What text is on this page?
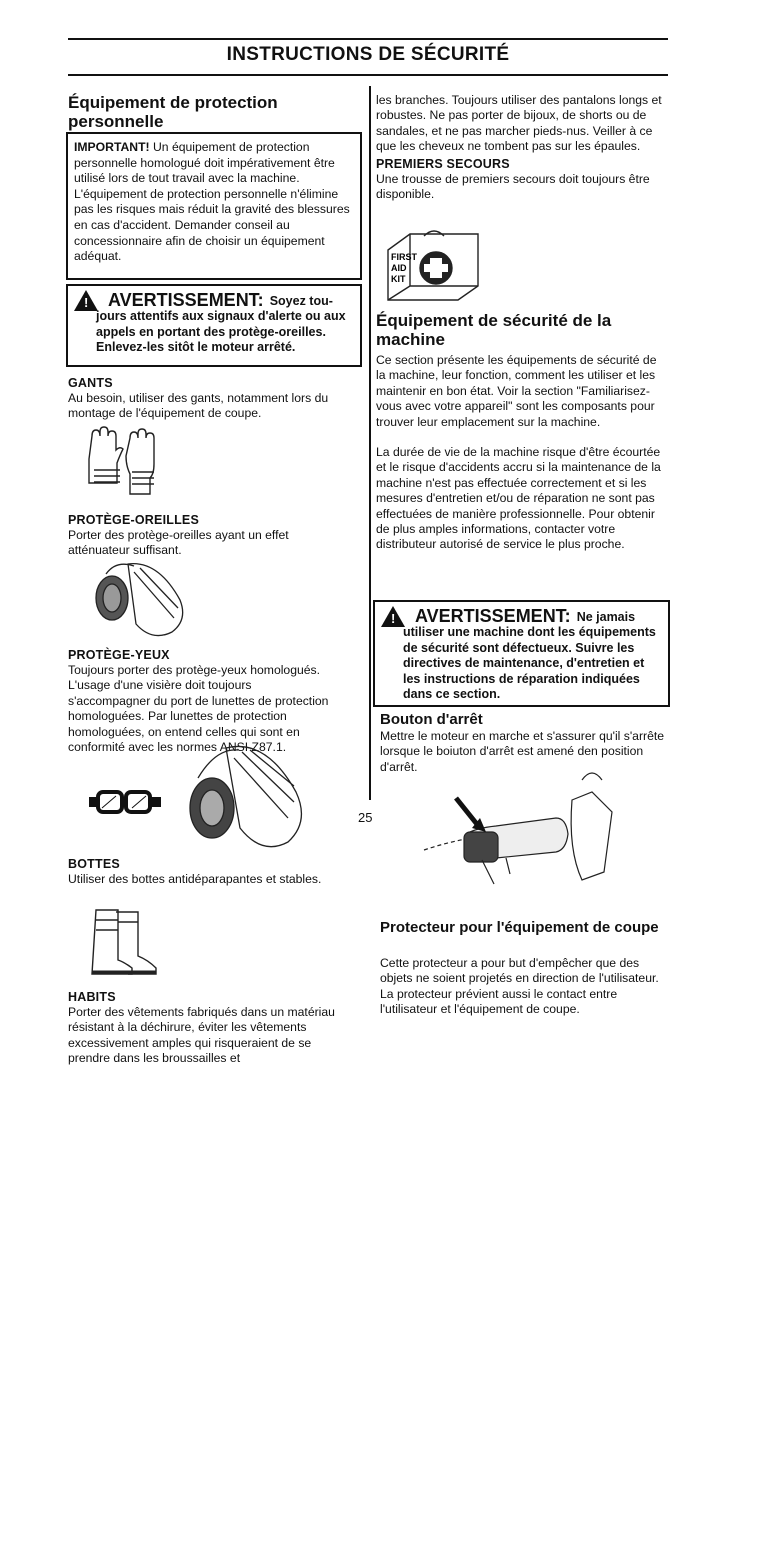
INSTRUCTIONS DE SÉCURITÉ
Équipement de protection personnelle
IMPORTANT! Un équipement de protection personnelle homologué doit impérativement être utilisé lors de tout travail avec la machine. L'équipement de protection personnelle n'élimine pas les risques mais réduit la gravité des blessures en cas d'accident. Demander conseil au concessionnaire afin de choisir un équipement adéquat.
! AVERTISSEMENT: Soyez tou-
jours attentifs aux signaux d'alerte ou aux appels en portant des protège-oreilles. Enlevez-les sitôt le moteur arrêté.
GANTS
Au besoin, utiliser des gants, notamment lors du montage de l'équipement de coupe.
PROTÈGE-OREILLES
Porter des protège-oreilles ayant un effet atténuateur suffisant.
PROTÈGE-YEUX
Toujours porter des protège-yeux homologués. L'usage d'une visière doit toujours s'accompagner du port de lunettes de protection homologuées. Par lunettes de protection homologuées, on entend celles qui sont en conformité avec les normes ANSI Z87.1.
BOTTES
Utiliser des bottes antidéparapantes et stables.
HABITS
Porter des vêtements fabriqués dans un matériau résistant à la déchirure, éviter les vêtements excessivement amples qui risqueraient de se prendre dans les broussailles et
les branches. Toujours utiliser des pantalons longs et robustes. Ne pas porter de bijoux, de shorts ou de sandales, et ne pas marcher pieds-nus. Veiller à ce que les cheveux ne tombent pas sur les épaules.
PREMIERS SECOURS
Une trousse de premiers secours doit toujours être disponible.
FIRST
AID
KIT
Équipement de sécurité de la machine
Ce section présente les équipements de sécurité de la machine, leur fonction, comment les utiliser et les maintenir en bon état. Voir la section "Familiarisez-vous avec votre appareil" sont les composants pour trouver leur emplacement sur la machine.
La durée de vie de la machine risque d'être écourtée et le risque d'accidents accru si la maintenance de la machine n'est pas effectuée correctement et si les mesures d'entretien et/ou de réparation ne sont pas effectuées de manière professionnelle. Pour obtenir de plus amples informations, contacter votre distributeur autorisé de service le plus proche.
! AVERTISSEMENT: Ne jamais
utiliser une machine dont les équipements de sécurité sont défectueux. Suivre les directives de maintenance, d'entretien et les instructions de réparation indiquées dans ce section.
Bouton d'arrêt
Mettre le moteur en marche et s'assurer qu'il s'arrête lorsque le boiuton d'arrêt est amené den position d'arrêt.
Protecteur pour l'équipement de coupe
Cette protecteur a pour but d'empêcher que des objets ne soient projetés en direction de l'utilisateur. La protecteur prévient aussi le contact entre l'utilisateur et l'équipement de coupe.
25
